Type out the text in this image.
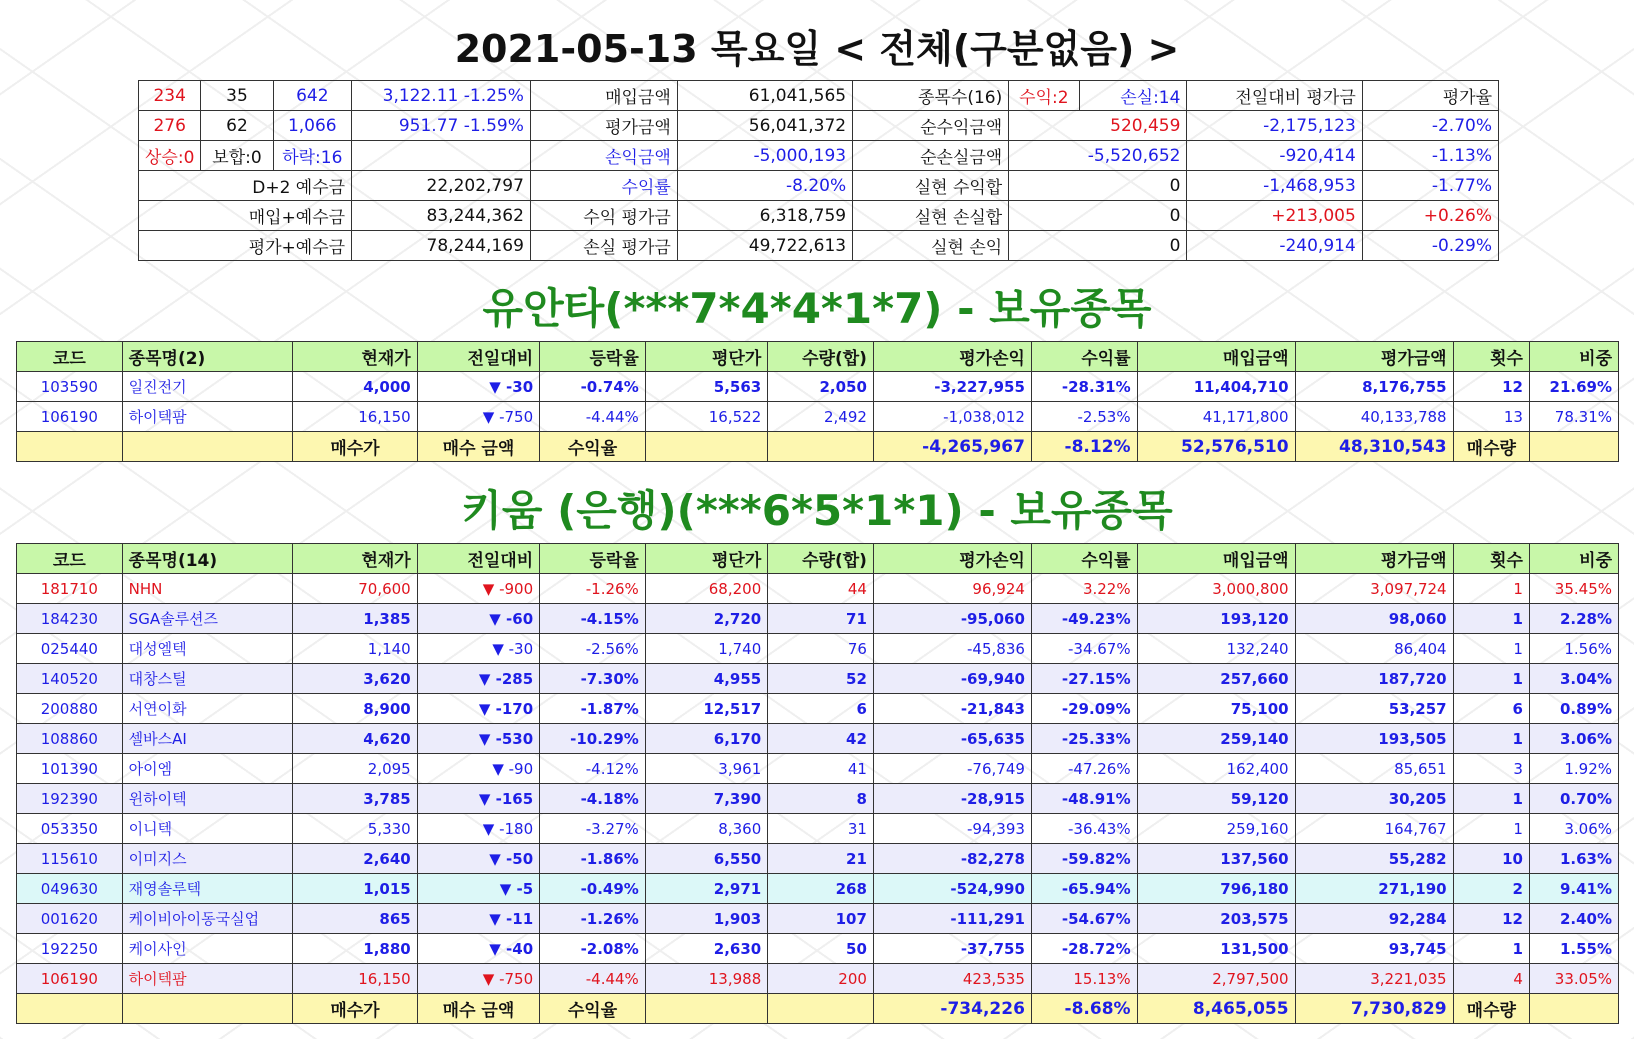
2021-05-13 목요일 < 전체(구분없음) >
234	35	642	3,122.11 -1.25%	매입금액	61,041,565	종목수(16)	수익:2	손실:14	전일대비 평가금	평가율
276	62	1,066	951.77 -1.59%	평가금액	56,041,372	순수익금액	520,459		-2,175,123	-2.70%
상승:0	보합:0	하락:16		손익금액	-5,000,193	순손실금액	-5,520,652		-920,414	-1.13%
D+2 예수금			22,202,797	수익률	-8.20%	실현 수익합	0		-1,468,953	-1.77%
매입+예수금			83,244,362	수익 평가금	6,318,759	실현 손실합	0		+213,005	+0.26%
평가+예수금			78,244,169	손실 평가금	49,722,613	실현 손익	0		-240,914	-0.29%
유안타(***7*4*4*1*7) - 보유종목
코드	종목명(2)	현재가	전일대비	등락율	평단가	수량(합)	평가손익	수익률	매입금액	평가금액	횟수	비중
103590	일진전기	4,000	▼ -30	-0.74%	5,563	2,050	-3,227,955	-28.31%	11,404,710	8,176,755	12	21.69%
106190	하이텍팜	16,150	▼ -750	-4.44%	16,522	2,492	-1,038,012	-2.53%	41,171,800	40,133,788	13	78.31%
		매수가	매수 금액	수익율			-4,265,967	-8.12%	52,576,510	48,310,543	매수량	
키움 (은행)(***6*5*1*1) - 보유종목
코드	종목명(14)	현재가	전일대비	등락율	평단가	수량(합)	평가손익	수익률	매입금액	평가금액	횟수	비중
181710	NHN	70,600	▼ -900	-1.26%	68,200	44	96,924	3.22%	3,000,800	3,097,724	1	35.45%
184230	SGA솔루션즈	1,385	▼ -60	-4.15%	2,720	71	-95,060	-49.23%	193,120	98,060	1	2.28%
025440	대성엘텍	1,140	▼ -30	-2.56%	1,740	76	-45,836	-34.67%	132,240	86,404	1	1.56%
140520	대창스틸	3,620	▼ -285	-7.30%	4,955	52	-69,940	-27.15%	257,660	187,720	1	3.04%
200880	서연이화	8,900	▼ -170	-1.87%	12,517	6	-21,843	-29.09%	75,100	53,257	6	0.89%
108860	셀바스AI	4,620	▼ -530	-10.29%	6,170	42	-65,635	-25.33%	259,140	193,505	1	3.06%
101390	아이엠	2,095	▼ -90	-4.12%	3,961	41	-76,749	-47.26%	162,400	85,651	3	1.92%
192390	윈하이텍	3,785	▼ -165	-4.18%	7,390	8	-28,915	-48.91%	59,120	30,205	1	0.70%
053350	이니텍	5,330	▼ -180	-3.27%	8,360	31	-94,393	-36.43%	259,160	164,767	1	3.06%
115610	이미지스	2,640	▼ -50	-1.86%	6,550	21	-82,278	-59.82%	137,560	55,282	10	1.63%
049630	재영솔루텍	1,015	▼ -5	-0.49%	2,971	268	-524,990	-65.94%	796,180	271,190	2	9.41%
001620	케이비아이동국실업	865	▼ -11	-1.26%	1,903	107	-111,291	-54.67%	203,575	92,284	12	2.40%
192250	케이사인	1,880	▼ -40	-2.08%	2,630	50	-37,755	-28.72%	131,500	93,745	1	1.55%
106190	하이텍팜	16,150	▼ -750	-4.44%	13,988	200	423,535	15.13%	2,797,500	3,221,035	4	33.05%
		매수가	매수 금액	수익율			-734,226	-8.68%	8,465,055	7,730,829	매수량	
